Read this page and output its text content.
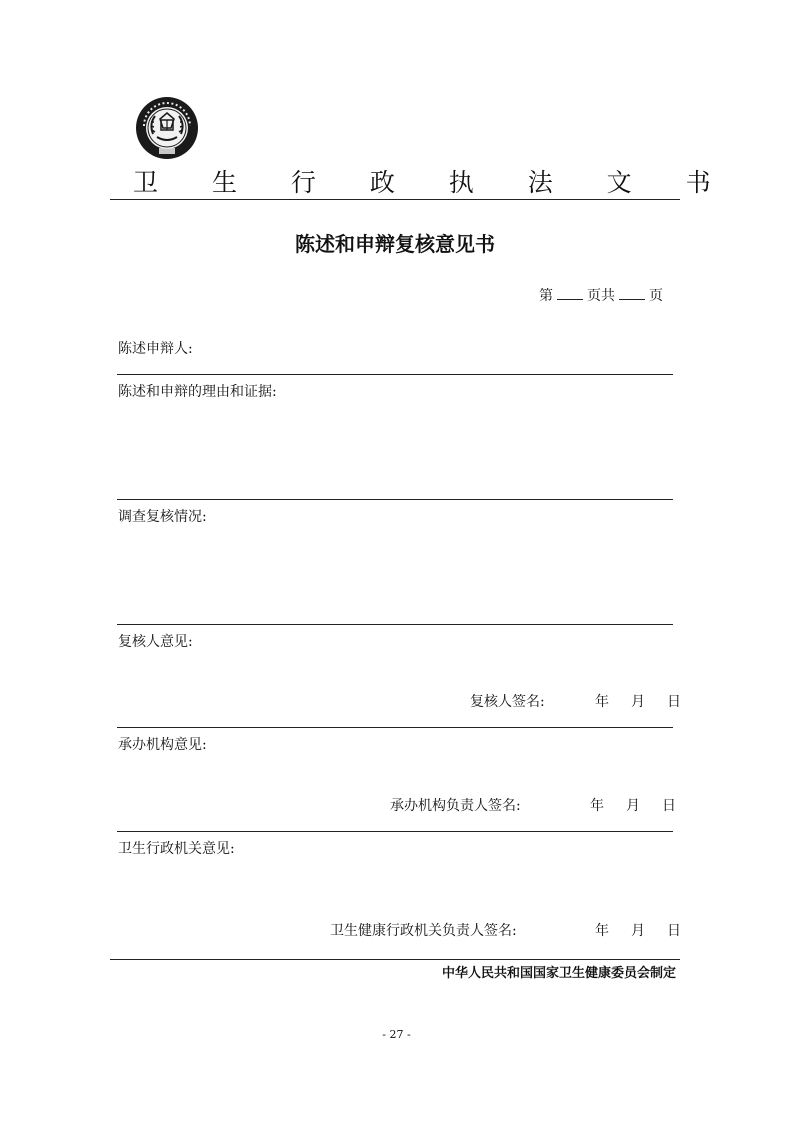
卫 生 行 政 执 法 文 书
陈述和申辩复核意见书
第 页共 页
陈述申辩人:
陈述和申辩的理由和证据:
调查复核情况:
复核人意见:
复核人签名:	年 月 日
承办机构意见:
承办机构负责人签名:	年 月 日
卫生行政机关意见:
卫生健康行政机关负责人签名:	年 月 日
中华人民共和国国家卫生健康委员会制定
- 27 -
